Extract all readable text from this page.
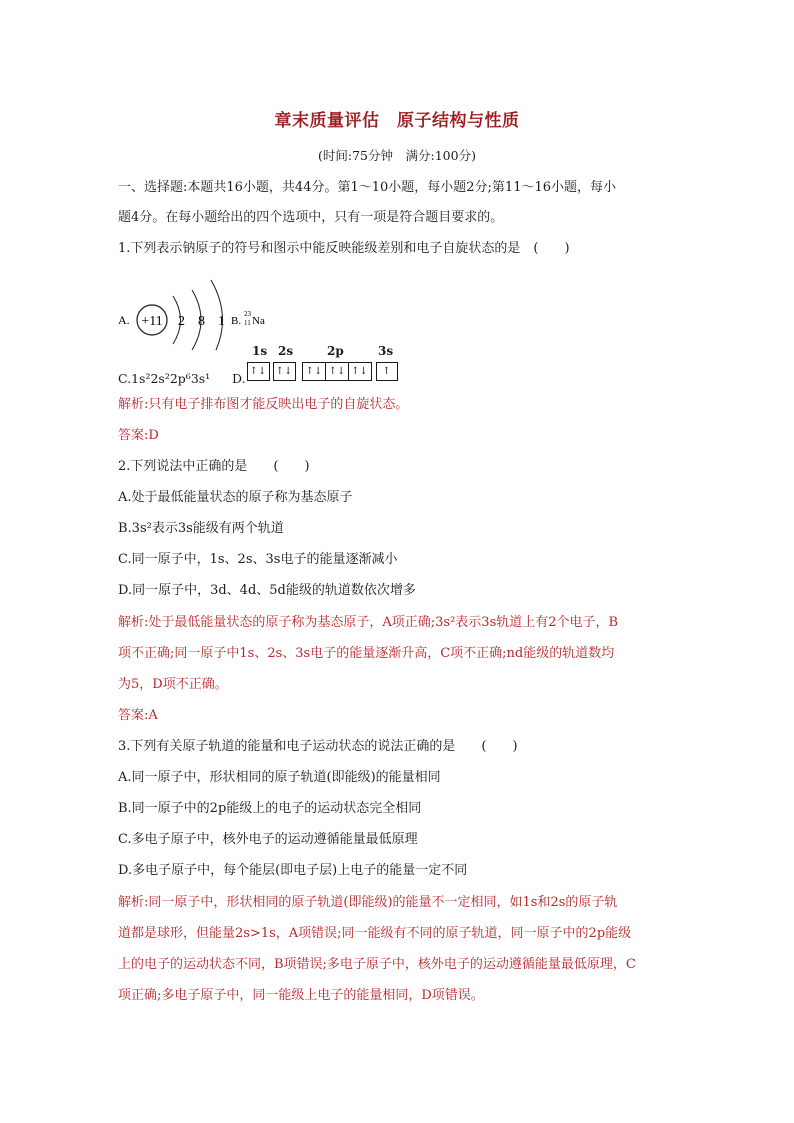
章末质量评估　原子结构与性质
(时间:75分钟　满分:100分)
一、选择题:本题共16小题，共44分。第1～10小题，每小题2分;第11～16小题，每小
题4分。在每小题给出的四个选项中，只有一项是符合题目要求的。
1.下列表示钠原子的符号和图示中能反映能级差别和电子自旋状态的是　(　　)
A. +11 2 8 1 B.
23
11 Na
C.1s²2s²2p⁶3s¹ D.
1s 2s	2p	3s
↑↓ ↑↓ ↑↓ ↑↓ ↑↓	↑
解析:只有电子排布图才能反映出电子的自旋状态。
答案:D
2.下列说法中正确的是　　(　　)
A.处于最低能量状态的原子称为基态原子
B.3s²表示3s能级有两个轨道
C.同一原子中，1s、2s、3s电子的能量逐渐减小
D.同一原子中，3d、4d、5d能级的轨道数依次增多
解析:处于最低能量状态的原子称为基态原子，A项正确;3s²表示3s轨道上有2个电子，B
项不正确;同一原子中1s、2s、3s电子的能量逐渐升高，C项不正确;nd能级的轨道数均
为5，D项不正确。
答案:A
3.下列有关原子轨道的能量和电子运动状态的说法正确的是　　(　　)
A.同一原子中，形状相同的原子轨道(即能级)的能量相同
B.同一原子中的2p能级上的电子的运动状态完全相同
C.多电子原子中，核外电子的运动遵循能量最低原理
D.多电子原子中，每个能层(即电子层)上电子的能量一定不同
解析:同一原子中，形状相同的原子轨道(即能级)的能量不一定相同，如1s和2s的原子轨
道都是球形，但能量2s>1s，A项错误;同一能级有不同的原子轨道，同一原子中的2p能级
上的电子的运动状态不同，B项错误;多电子原子中，核外电子的运动遵循能量最低原理，C
项正确;多电子原子中，同一能级上电子的能量相同，D项错误。
